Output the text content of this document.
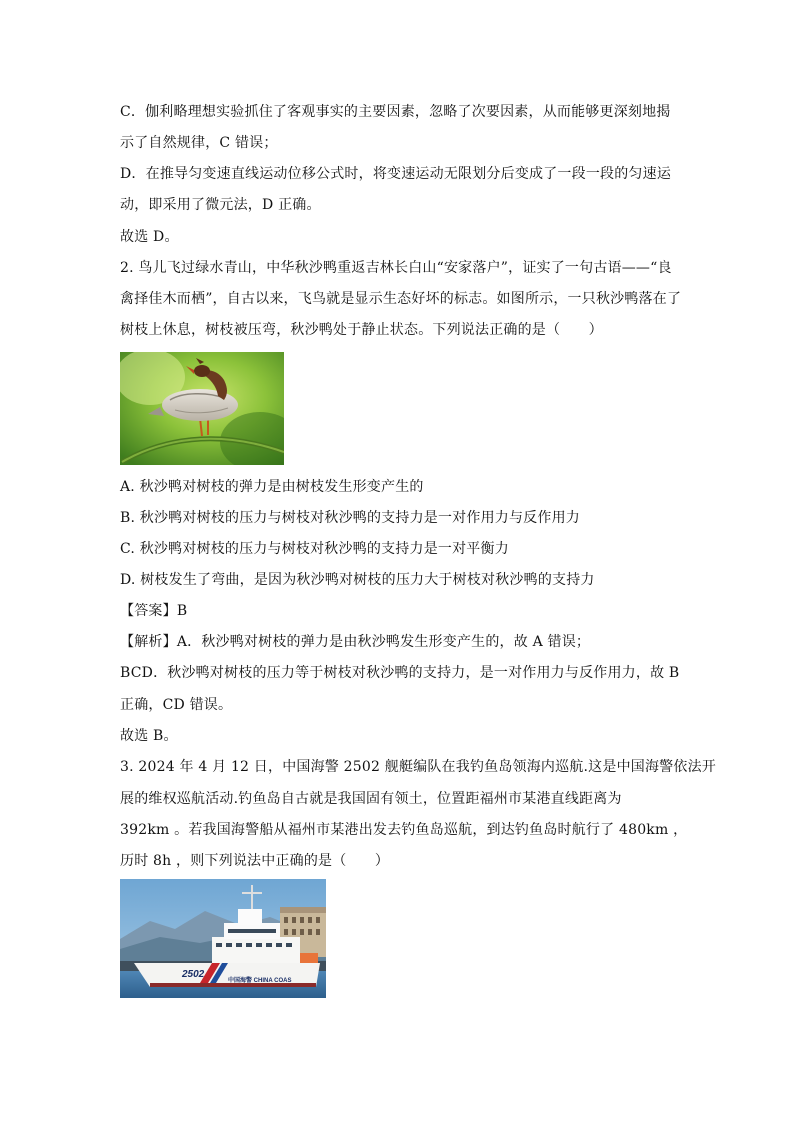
C．伽利略理想实验抓住了客观事实的主要因素，忽略了次要因素，从而能够更深刻地揭
示了自然规律，C 错误；
D．在推导匀变速直线运动位移公式时，将变速运动无限划分后变成了一段一段的匀速运
动，即采用了微元法，D 正确。
故选 D。
2. 鸟儿飞过绿水青山，中华秋沙鸭重返吉林长白山“安家落户”，证实了一句古语——“良
禽择佳木而栖”，自古以来，飞鸟就是显示生态好坏的标志。如图所示，一只秋沙鸭落在了
树枝上休息，树枝被压弯，秋沙鸭处于静止状态。下列说法正确的是（　　）
A. 秋沙鸭对树枝的弹力是由树枝发生形变产生的
B. 秋沙鸭对树枝的压力与树枝对秋沙鸭的支持力是一对作用力与反作用力
C. 秋沙鸭对树枝的压力与树枝对秋沙鸭的支持力是一对平衡力
D. 树枝发生了弯曲，是因为秋沙鸭对树枝的压力大于树枝对秋沙鸭的支持力
【答案】B
【解析】A．秋沙鸭对树枝的弹力是由秋沙鸭发生形变产生的，故 A 错误；
BCD．秋沙鸭对树枝的压力等于树枝对秋沙鸭的支持力，是一对作用力与反作用力，故 B
正确，CD 错误。
故选 B。
3. 2024 年 4 月 12 日，中国海警 2502 舰艇编队在我钓鱼岛领海内巡航.这是中国海警依法开
展的维权巡航活动.钓鱼岛自古就是我国固有领土，位置距福州市某港直线距离为
392km 。若我国海警船从福州市某港出发去钓鱼岛巡航，到达钓鱼岛时航行了 480km ，
历时 8h ，则下列说法中正确的是（　　）
2502
中国海警 CHINA COAS
